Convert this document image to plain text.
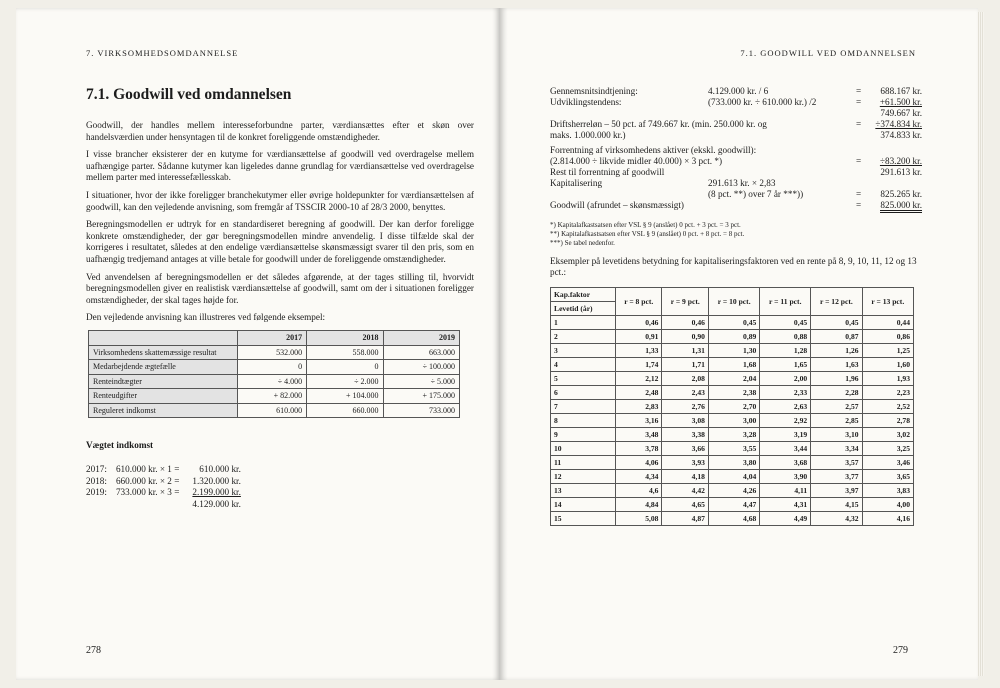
7. VIRKSOMHEDSOMDANNELSE
7.1. Goodwill ved omdannelsen

Goodwill, der handles mellem interesseforbundne parter, værdiansættes efter et skøn over handelsværdien under hensyntagen til de konkret foreliggende omstændigheder.

I visse brancher eksisterer der en kutyme for værdiansættelse af goodwill ved overdragelse mellem uafhængige parter. Sådanne kutymer kan ligeledes danne grundlag for værdiansættelse ved overdragelse mellem parter med interessefællesskab.

I situationer, hvor der ikke foreligger branchekutymer eller øvrige holdepunkter for værdiansættelsen af goodwill, kan den vejledende anvisning, som fremgår af TSSCIR 2000-10 af 28/3 2000, benyttes.

Beregningsmodellen er udtryk for en standardiseret beregning af goodwill. Der kan derfor foreligge konkrete omstændigheder, der gør beregningsmodellen mindre anvendelig. I disse tilfælde skal der korrigeres i resultatet, således at den endelige værdiansættelse skønsmæssigt svarer til den pris, som en uafhængig tredjemand antages at ville betale for goodwill under de foreliggende omstændigheder.

Ved anvendelsen af beregningsmodellen er det således afgørende, at der tages stilling til, hvorvidt beregningsmodellen giver en realistisk værdiansættelse af goodwill, samt om der i situationen foreligger omstændigheder, der skal tages højde for.

Den vejledende anvisning kan illustreres ved følgende eksempel:

	2017	2018	2019
Virksomhedens skattemæssige resultat	532.000	558.000	663.000
Medarbejdende ægtefælle	0	0	÷ 100.000
Renteindtægter	÷ 4.000	÷ 2.000	÷ 5.000
Renteudgifter	+ 82.000	+ 104.000	+ 175.000
Reguleret indkomst	610.000	660.000	733.000
Vægtet indkomst
2017:	610.000 kr. × 1 =	610.000 kr.
2018:	660.000 kr. × 2 =	1.320.000 kr.
2019:	733.000 kr. × 3 =	2.199.000 kr.
		4.129.000 kr.
278
7.1. GOODWILL VED OMDANNELSEN
Gennemsnitsindtjening:	4.129.000 kr. / 6	=	688.167 kr.
Udviklingstendens:	(733.000 kr. ÷ 610.000 kr.) /2	=	+61.500 kr.
			749.667 kr.
Driftsherreløn – 50 pct. af 749.667 kr. (min. 250.000 kr. og		=	÷374.834 kr.
maks. 1.000.000 kr.)			374.833 kr.
Forrentning af virksomhedens aktiver (ekskl. goodwill):			
(2.814.000 ÷ likvide midler 40.000) × 3 pct. *)		=	÷83.200 kr.
Rest til forrentning af goodwill			291.613 kr.
Kapitalisering	291.613 kr. × 2,83		
	(8 pct. **) over 7 år ***))	=	825.265 kr.
Goodwill (afrundet – skønsmæssigt)		=	825.000 kr.
*) Kapitalafkastsatsen efter VSL § 9 (anslået) 0 pct. + 3 pct. = 3 pct.
**) Kapitalafkastsatsen efter VSL § 9 (anslået) 0 pct. + 8 pct. = 8 pct.
***) Se tabel nedenfor.
Eksempler på levetidens betydning for kapitaliseringsfaktoren ved en rente på 8, 9, 10, 11, 12 og 13 pct.:
Kap.faktor	r = 8 pct.	r = 9 pct.	r = 10 pct.	r = 11 pct.	r = 12 pct.	r = 13 pct.
Levetid (år)						
1	0,46	0,46	0,45	0,45	0,45	0,44
2	0,91	0,90	0,89	0,88	0,87	0,86
3	1,33	1,31	1,30	1,28	1,26	1,25
4	1,74	1,71	1,68	1,65	1,63	1,60
5	2,12	2,08	2,04	2,00	1,96	1,93
6	2,48	2,43	2,38	2,33	2,28	2,23
7	2,83	2,76	2,70	2,63	2,57	2,52
8	3,16	3,08	3,00	2,92	2,85	2,78
9	3,48	3,38	3,28	3,19	3,10	3,02
10	3,78	3,66	3,55	3,44	3,34	3,25
11	4,06	3,93	3,80	3,68	3,57	3,46
12	4,34	4,18	4,04	3,90	3,77	3,65
13	4,6	4,42	4,26	4,11	3,97	3,83
14	4,84	4,65	4,47	4,31	4,15	4,00
15	5,08	4,87	4,68	4,49	4,32	4,16
279
